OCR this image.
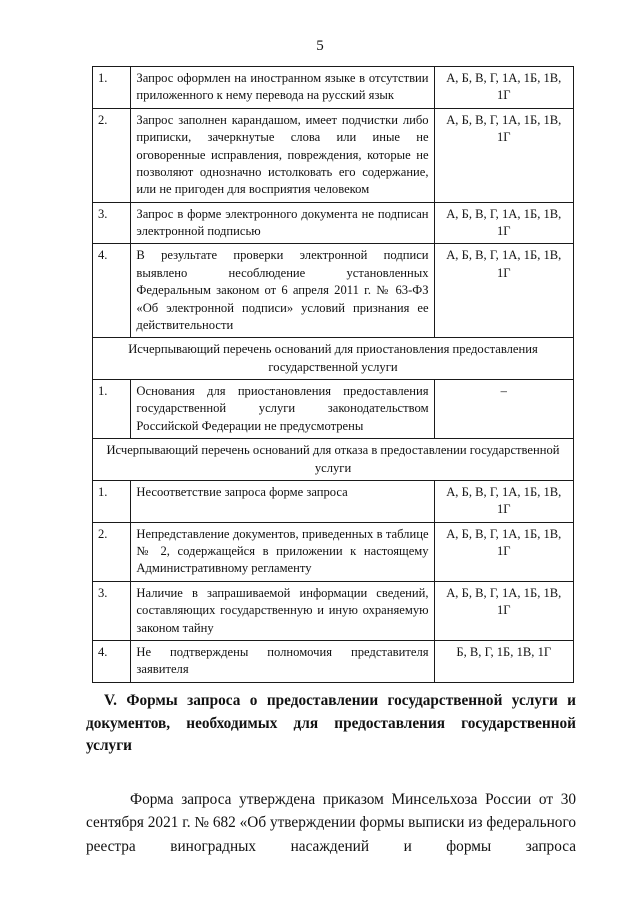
5
1.	Запрос оформлен на иностранном языке в отсутствии приложенного к нему перевода на русский язык	А, Б, В, Г, 1А, 1Б, 1В, 1Г
2.	Запрос заполнен карандашом, имеет подчистки либо приписки, зачеркнутые слова или иные не оговоренные исправления, повреждения, которые не позволяют однозначно истолковать его содержание, или не пригоден для восприятия человеком	А, Б, В, Г, 1А, 1Б, 1В, 1Г
3.	Запрос в форме электронного документа не подписан электронной подписью	А, Б, В, Г, 1А, 1Б, 1В, 1Г
4.	В результате проверки электронной подписи выявлено несоблюдение установленных Федеральным законом от 6 апреля 2011 г. № 63-ФЗ «Об электронной подписи» условий признания ее действительности	А, Б, В, Г, 1А, 1Б, 1В, 1Г
Исчерпывающий перечень оснований для приостановления предоставления государственной услуги		
1.	Основания для приостановления предоставления государственной услуги законодательством Российской Федерации не предусмотрены	–
Исчерпывающий перечень оснований для отказа в предоставлении государственной услуги		
1.	Несоответствие запроса форме запроса	А, Б, В, Г, 1А, 1Б, 1В, 1Г
2.	Непредставление документов, приведенных в таблице № 2, содержащейся в приложении к настоящему Административному регламенту	А, Б, В, Г, 1А, 1Б, 1В, 1Г
3.	Наличие в запрашиваемой информации сведений, составляющих государственную и иную охраняемую законом тайну	А, Б, В, Г, 1А, 1Б, 1В, 1Г
4.	Не подтверждены полномочия представителя заявителя	Б, В, Г, 1Б, 1В, 1Г
V. Формы запроса о предоставлении государственной услуги и документов, необходимых для предоставления государственной услуги
Форма запроса утверждена приказом Минсельхоза России от 30 сентября 2021 г. № 682 «Об утверждении формы выписки из федерального реестра виноградных насаждений и формы запроса
